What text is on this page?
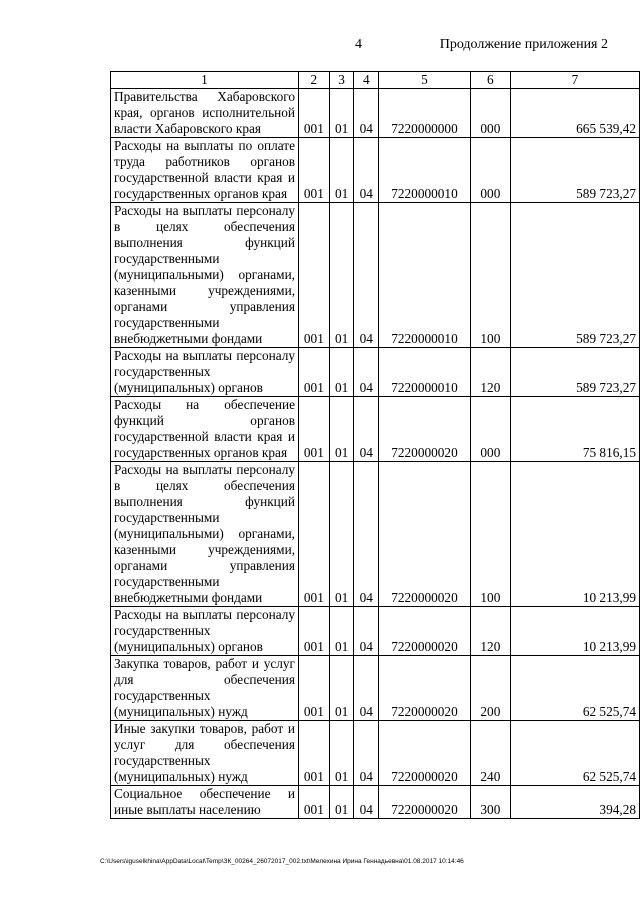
4	Продолжение приложения 2
1	2	3	4	5	6	7
Правительства Хабаровского края, органов исполнительной власти Хабаровского края	001	01	04	7220000000	000	665 539,42
Расходы на выплаты по оплате труда работников органов государственной власти края и государственных органов края	001	01	04	7220000010	000	589 723,27
Расходы на выплаты персоналу в целях обеспечения выполнения функций государственными (муниципальными) органами, казенными учреждениями, органами управления государственными внебюджетными фондами	001	01	04	7220000010	100	589 723,27
Расходы на выплаты персоналу государственных (муниципальных) органов	001	01	04	7220000010	120	589 723,27
Расходы на обеспечение функций органов государственной власти края и государственных органов края	001	01	04	7220000020	000	75 816,15
Расходы на выплаты персоналу в целях обеспечения выполнения функций государственными (муниципальными) органами, казенными учреждениями, органами управления государственными внебюджетными фондами	001	01	04	7220000020	100	10 213,99
Расходы на выплаты персоналу государственных (муниципальных) органов	001	01	04	7220000020	120	10 213,99
Закупка товаров, работ и услуг для обеспечения государственных (муниципальных) нужд	001	01	04	7220000020	200	62 525,74
Иные закупки товаров, работ и услуг для обеспечения государственных (муниципальных) нужд	001	01	04	7220000020	240	62 525,74
Социальное обеспечение и иные выплаты населению	001	01	04	7220000020	300	394,28
C:\Users\iguselkhina\AppData\Local\Temp\ЗК_00264_26072017_002.txt\Мелехина Ирина Геннадьевна\01.08.2017 10:14:46
